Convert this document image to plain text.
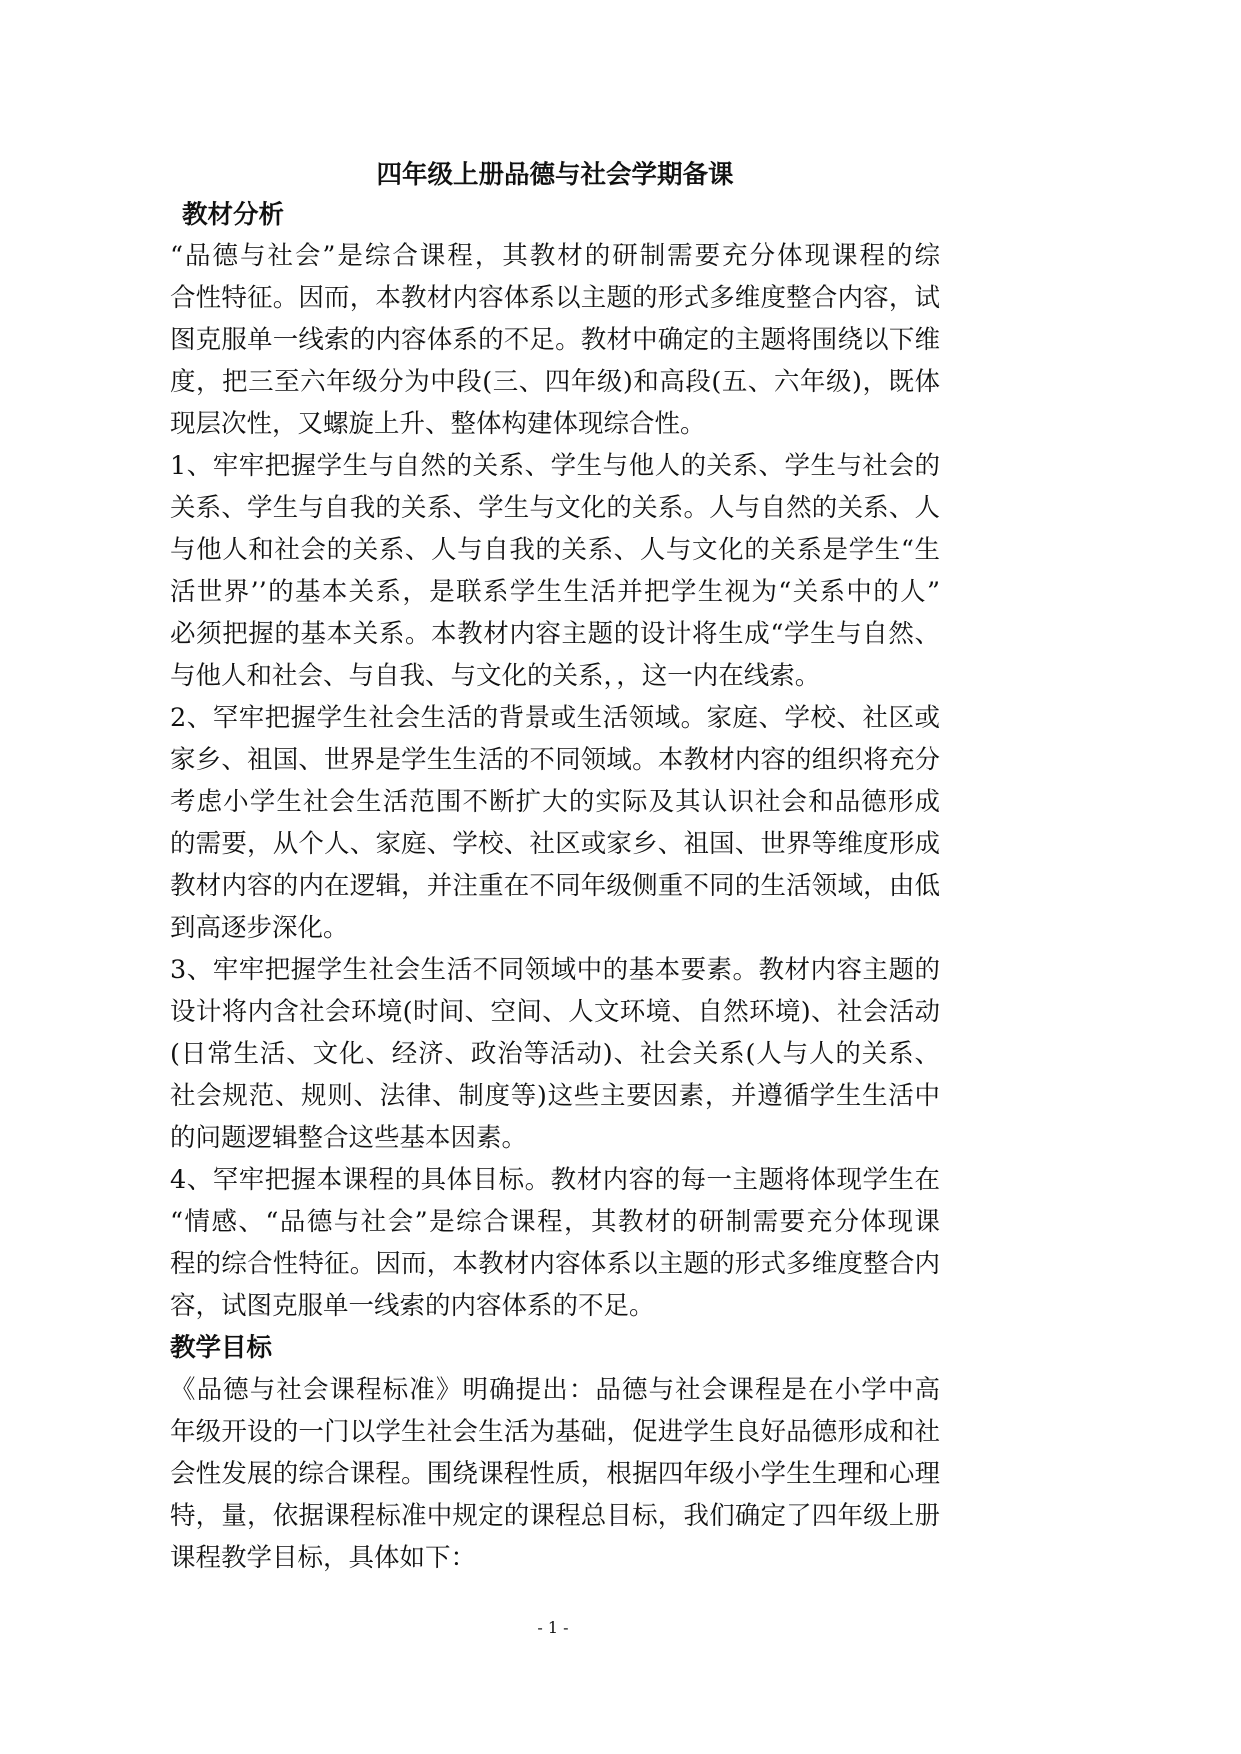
四年级上册品德与社会学期备课
教材分析
“品德与社会”是综合课程，其教材的研制需要充分体现课程的综
合性特征。因而，本教材内容体系以主题的形式多维度整合内容，试
图克服单一线索的内容体系的不足。教材中确定的主题将围绕以下维
度，把三至六年级分为中段(三、四年级)和高段(五、六年级)，既体
现层次性，又螺旋上升、整体构建体现综合性。
1、牢牢把握学生与自然的关系、学生与他人的关系、学生与社会的
关系、学生与自我的关系、学生与文化的关系。人与自然的关系、人
与他人和社会的关系、人与自我的关系、人与文化的关系是学生“生
活世界’’的基本关系，是联系学生生活并把学生视为“关系中的人”
必须把握的基本关系。本教材内容主题的设计将生成“学生与自然、
与他人和社会、与自我、与文化的关系，，这一内在线索。
2、罕牢把握学生社会生活的背景或生活领域。家庭、学校、社区或
家乡、祖国、世界是学生生活的不同领域。本教材内容的组织将充分
考虑小学生社会生活范围不断扩大的实际及其认识社会和品德形成
的需要，从个人、家庭、学校、社区或家乡、祖国、世界等维度形成
教材内容的内在逻辑，并注重在不同年级侧重不同的生活领域，由低
到高逐步深化。
3、牢牢把握学生社会生活不同领域中的基本要素。教材内容主题的
设计将内含社会环境(时间、空间、人文环境、自然环境)、社会活动
(日常生活、文化、经济、政治等活动)、社会关系(人与人的关系、
社会规范、规则、法律、制度等)这些主要因素，并遵循学生生活中
的问题逻辑整合这些基本因素。
4、罕牢把握本课程的具体目标。教材内容的每一主题将体现学生在
“情感、“品德与社会”是综合课程，其教材的研制需要充分体现课
程的综合性特征。因而，本教材内容体系以主题的形式多维度整合内
容，试图克服单一线索的内容体系的不足。
教学目标
《品德与社会课程标准》明确提出：品德与社会课程是在小学中高
年级开设的一门以学生社会生活为基础，促进学生良好品德形成和社
会性发展的综合课程。围绕课程性质，根据四年级小学生生理和心理
特，量，依据课程标准中规定的课程总目标，我们确定了四年级上册
课程教学目标，具体如下：
- 1 -
